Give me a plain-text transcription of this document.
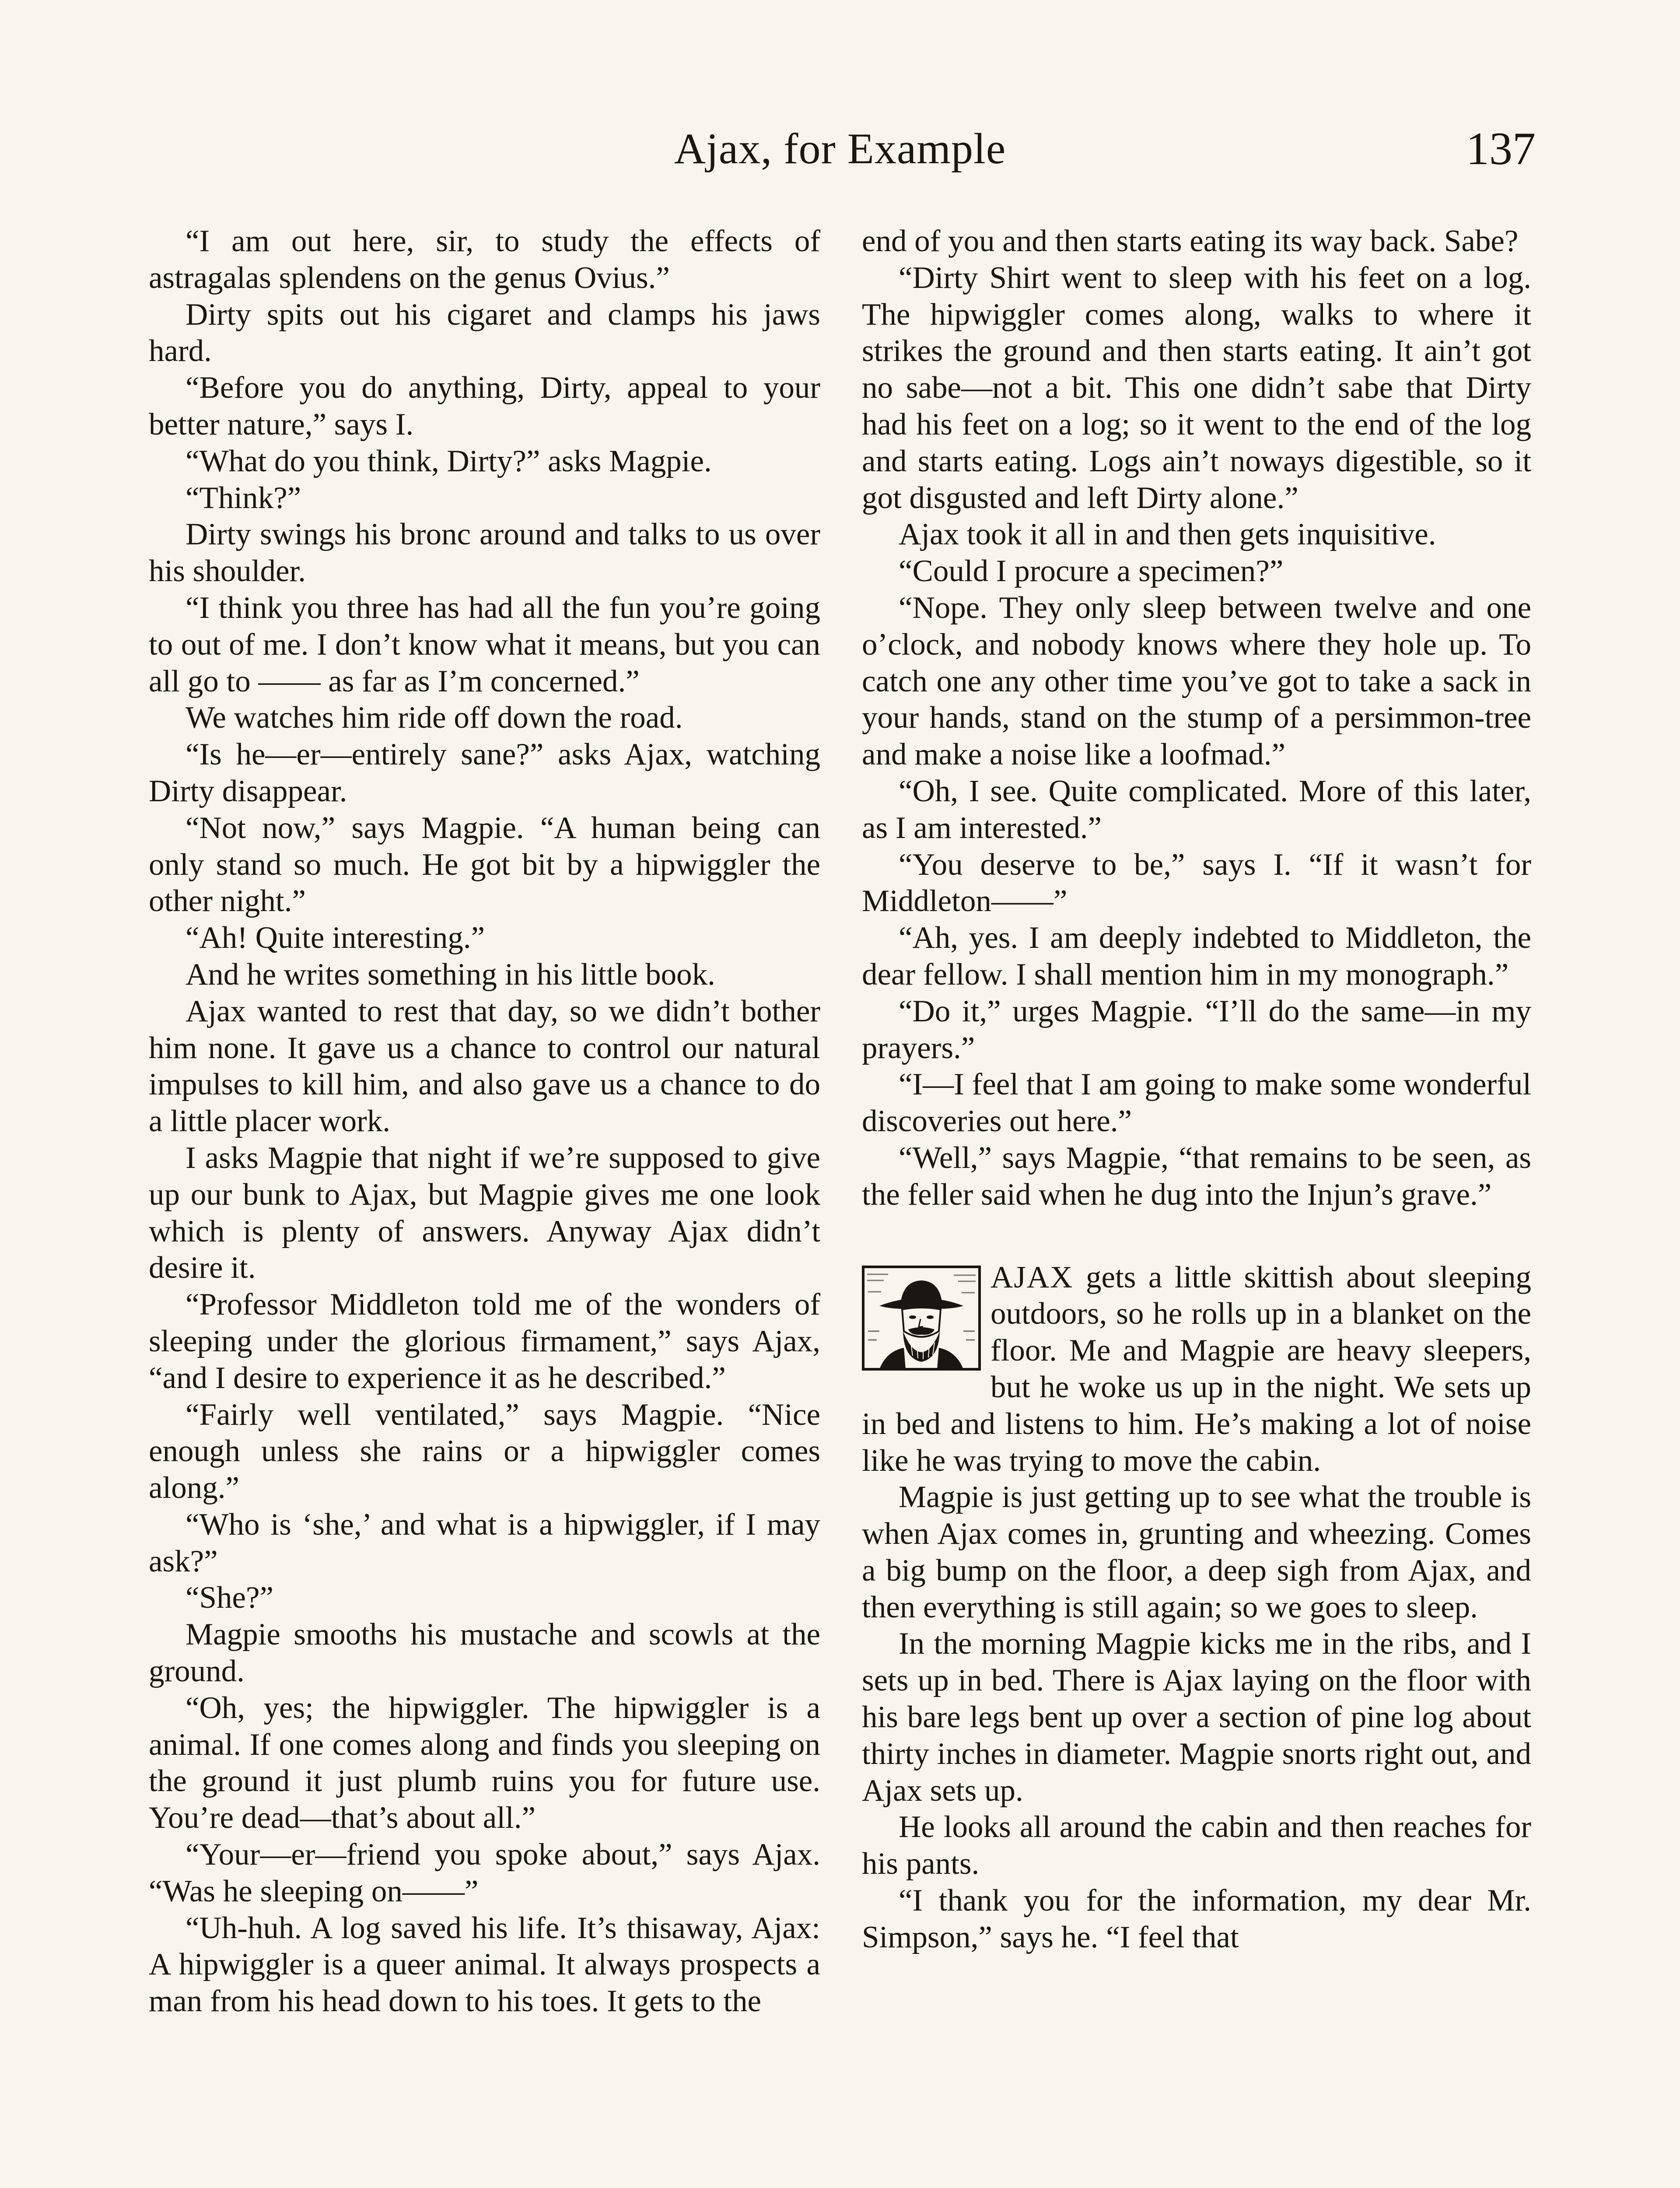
Ajax, for Example	137

“I am out here, sir, to study the effects of astragalas splendens on the genus Ovius.”

Dirty spits out his cigaret and clamps his jaws hard.

“Before you do anything, Dirty, appeal to your better nature,” says I.

“What do you think, Dirty?” asks Magpie.

“Think?”

Dirty swings his bronc around and talks to us over his shoulder.

“I think you three has had all the fun you’re going to out of me. I don’t know what it means, but you can all go to —— as far as I’m concerned.”

We watches him ride off down the road.

“Is he—er—entirely sane?” asks Ajax, watching Dirty disappear.

“Not now,” says Magpie. “A human being can only stand so much. He got bit by a hipwiggler the other night.”

“Ah! Quite interesting.”

And he writes something in his little book.

Ajax wanted to rest that day, so we didn’t bother him none. It gave us a chance to control our natural impulses to kill him, and also gave us a chance to do a little placer work.

I asks Magpie that night if we’re supposed to give up our bunk to Ajax, but Magpie gives me one look which is plenty of answers. Anyway Ajax didn’t desire it.

“Professor Middleton told me of the wonders of sleeping under the glorious firmament,” says Ajax, “and I desire to experience it as he described.”

“Fairly well ventilated,” says Magpie. “Nice enough unless she rains or a hipwiggler comes along.”

“Who is ‘she,’ and what is a hipwiggler, if I may ask?”

“She?”

Magpie smooths his mustache and scowls at the ground.

“Oh, yes; the hipwiggler. The hipwiggler is a animal. If one comes along and finds you sleeping on the ground it just plumb ruins you for future use. You’re dead—that’s about all.”

“Your—er—friend you spoke about,” says Ajax. “Was he sleeping on——”

“Uh-huh. A log saved his life. It’s thisaway, Ajax: A hipwiggler is a queer animal. It always prospects a man from his head down to his toes. It gets to the

end of you and then starts eating its way back. Sabe?

“Dirty Shirt went to sleep with his feet on a log. The hipwiggler comes along, walks to where it strikes the ground and then starts eating. It ain’t got no sabe—not a bit. This one didn’t sabe that Dirty had his feet on a log; so it went to the end of the log and starts eating. Logs ain’t noways digestible, so it got disgusted and left Dirty alone.”

Ajax took it all in and then gets inquisitive.

“Could I procure a specimen?”

“Nope. They only sleep between twelve and one o’clock, and nobody knows where they hole up. To catch one any other time you’ve got to take a sack in your hands, stand on the stump of a persimmon-tree and make a noise like a loofmad.”

“Oh, I see. Quite complicated. More of this later, as I am interested.”

“You deserve to be,” says I. “If it wasn’t for Middleton——”

“Ah, yes. I am deeply indebted to Middleton, the dear fellow. I shall mention him in my monograph.”

“Do it,” urges Magpie. “I’ll do the same—in my prayers.”

“I—I feel that I am going to make some wonderful discoveries out here.”

“Well,” says Magpie, “that remains to be seen, as the feller said when he dug into the Injun’s grave.”

AJAX gets a little skittish about sleeping outdoors, so he rolls up in a blanket on the floor. Me and Magpie are heavy sleepers, but he woke us up in the night. We sets up in bed and listens to him. He’s making a lot of noise like he was trying to move the cabin.

Magpie is just getting up to see what the trouble is when Ajax comes in, grunting and wheezing. Comes a big bump on the floor, a deep sigh from Ajax, and then everything is still again; so we goes to sleep.

In the morning Magpie kicks me in the ribs, and I sets up in bed. There is Ajax laying on the floor with his bare legs bent up over a section of pine log about thirty inches in diameter. Magpie snorts right out, and Ajax sets up.

He looks all around the cabin and then reaches for his pants.

“I thank you for the information, my dear Mr. Simpson,” says he. “I feel that
